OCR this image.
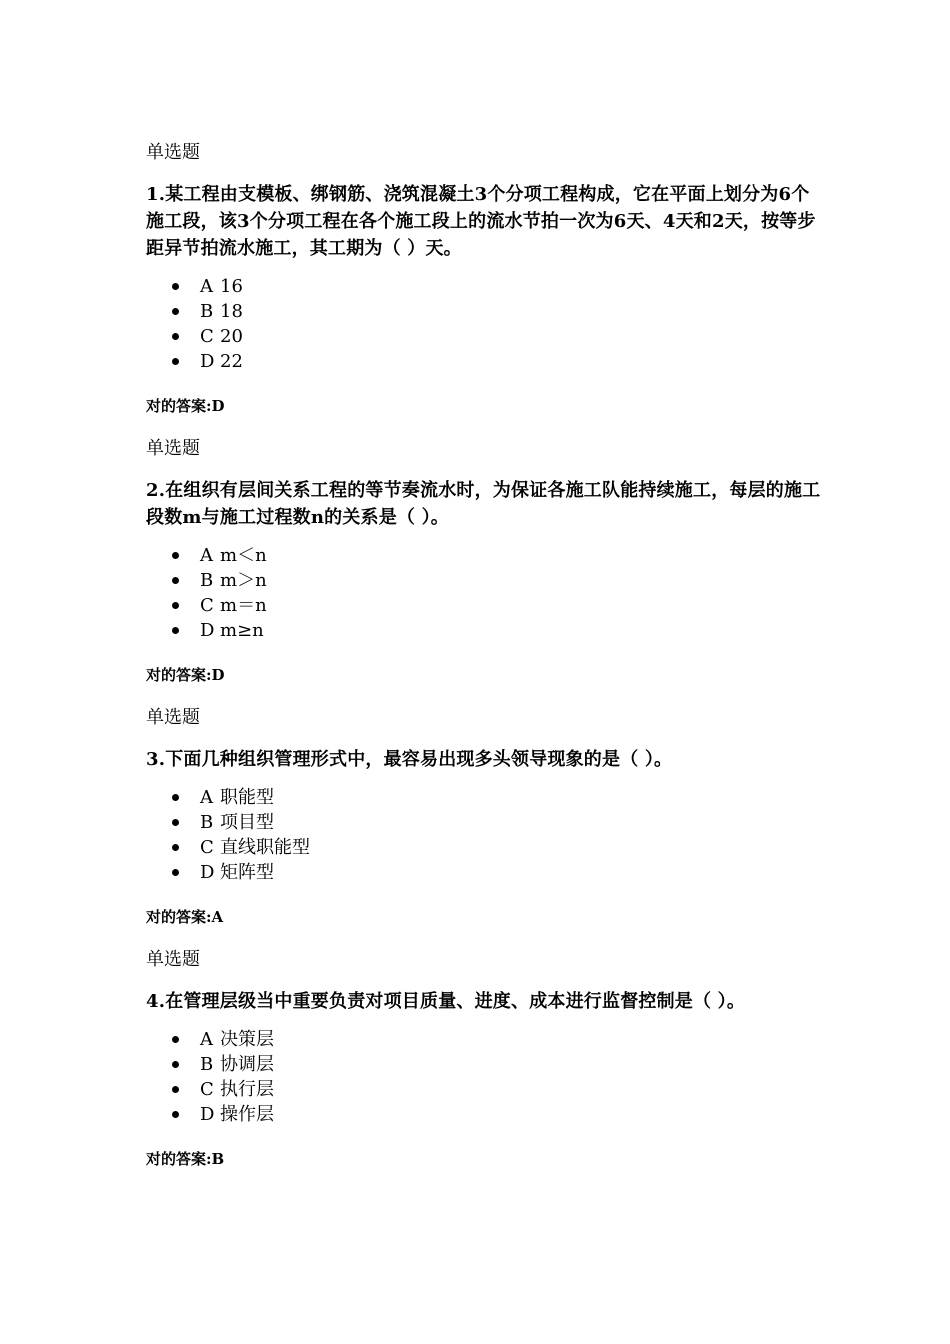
单选题
1.某工程由支模板、绑钢筋、浇筑混凝土3个分项工程构成，它在平面上划分为6个施工段，该3个分项工程在各个施工段上的流水节拍一次为6天、4天和2天，按等步距异节拍流水施工，其工期为（ ）天。
A 16
B 18
C 20
D 22
对的答案:D
单选题
2.在组织有层间关系工程的等节奏流水时，为保证各施工队能持续施工，每层的施工段数m与施工过程数n的关系是（ ）。
A m＜n
B m＞n
C m＝n
D m≥n
对的答案:D
单选题
3.下面几种组织管理形式中，最容易出现多头领导现象的是（ ）。
A 职能型
B 项目型
C 直线职能型
D 矩阵型
对的答案:A
单选题
4.在管理层级当中重要负责对项目质量、进度、成本进行监督控制是（ ）。
A 决策层
B 协调层
C 执行层
D 操作层
对的答案:B
